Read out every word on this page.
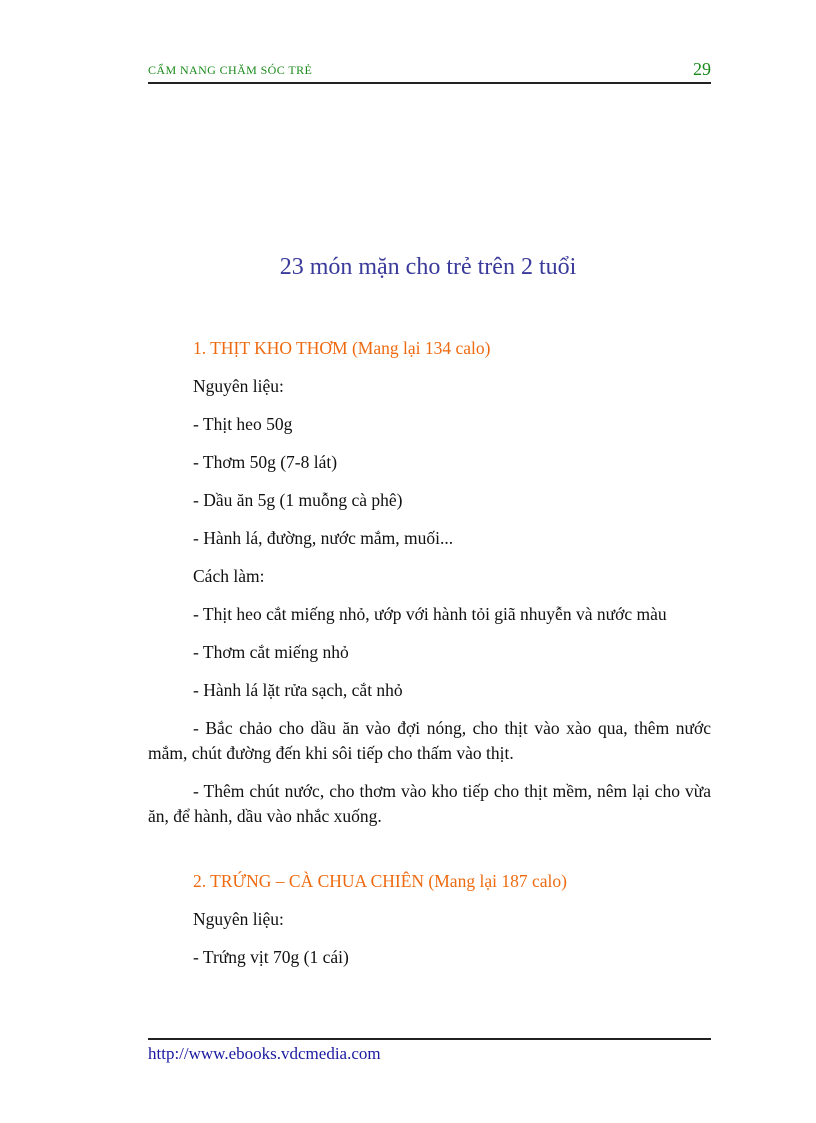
CẨM NANG CHĂM SÓC TRẺ	29
23 món mặn cho trẻ trên 2 tuổi

1. THỊT KHO THƠM (Mang lại 134 calo)

Nguyên liệu:

- Thịt heo 50g

- Thơm 50g (7-8 lát)

- Dầu ăn 5g (1 muỗng cà phê)

- Hành lá, đường, nước mắm, muối...

Cách làm:

- Thịt heo cắt miếng nhỏ, ướp với hành tỏi giã nhuyễn và nước màu

- Thơm cắt miếng nhỏ

- Hành lá lặt rửa sạch, cắt nhỏ

- Bắc chảo cho dầu ăn vào đợi nóng, cho thịt vào xào qua, thêm nước mắm, chút đường đến khi sôi tiếp cho thấm vào thịt.

- Thêm chút nước, cho thơm vào kho tiếp cho thịt mềm, nêm lại cho vừa ăn, để hành, dầu vào nhắc xuống.

2. TRỨNG – CÀ CHUA CHIÊN (Mang lại 187 calo)

Nguyên liệu:

- Trứng vịt 70g (1 cái)

http://www.ebooks.vdcmedia.com
